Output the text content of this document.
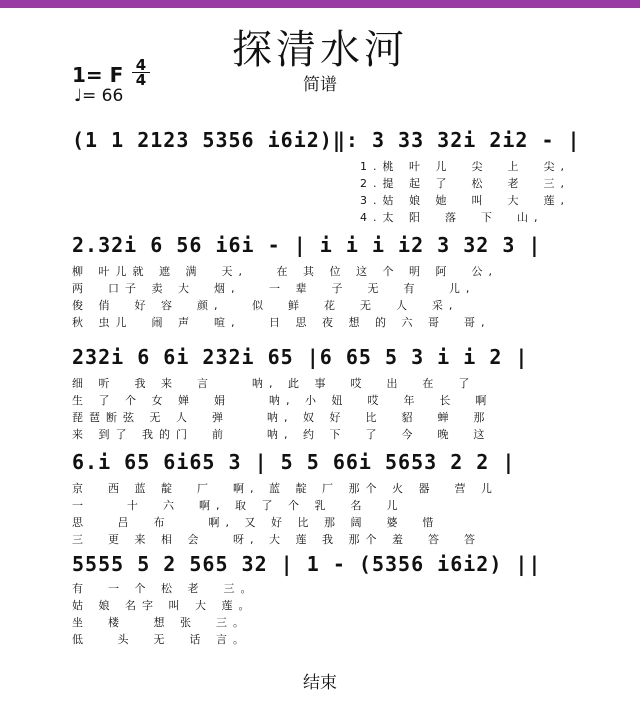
探清水河
简谱
1= F 4
4
♩= 66
(1 1 2123 5356 i6i2)‖: 3 33 32i 2i2 - |
1.桃 叶 儿  尖  上  尖,
2.提 起 了  松  老  三,
3.姑 娘 她  叫  大  莲,
4.太 阳  落  下  山,
2.32i 6 56 i6i - | i i i i2 3 32 3 |
柳 叶儿就 遮 满  天,   在 其 位 这 个 明 阿  公,
两  口子 卖 大  烟,   一 辈  子  无  有   儿,
俊 俏  好 容  颜,   似  鲜  花  无  人  采,
秋 虫儿  闹 声  喧,   日 思 夜 想 的 六 哥  哥,
232i 6 6i 232i 65 |6 65 5 3 i i 2 |
细 听  我 来  言    呐, 此 事  哎  出  在  了
生 了 个 女 婵  娟    呐, 小 妞  哎  年  长  啊
琵琶断弦 无 人  弹    呐, 奴 好  比  貂  蝉  那
来 到了 我的门  前    呐, 约 下  了  今  晚  这
6.i 65 6i65 3 | 5 5 66i 5653 2 2 |
京  西 蓝 靛  厂  啊, 蓝 靛 厂 那个 火 器  营 儿
一    十  六  啊, 取 了 个 乳  名  儿
思   吕  布    啊, 又 好 比 那 阔  婆  惜
三  更 来 相 会   呀, 大 莲 我 那个 羞  答  答
5555 5 2 565 32 | 1 - (5356 i6i2) ||
有  一 个 松 老  三。
姑 娘 名字 叫 大 莲。
坐  楼   想 张  三。
低   头  无  话 言。
结束
